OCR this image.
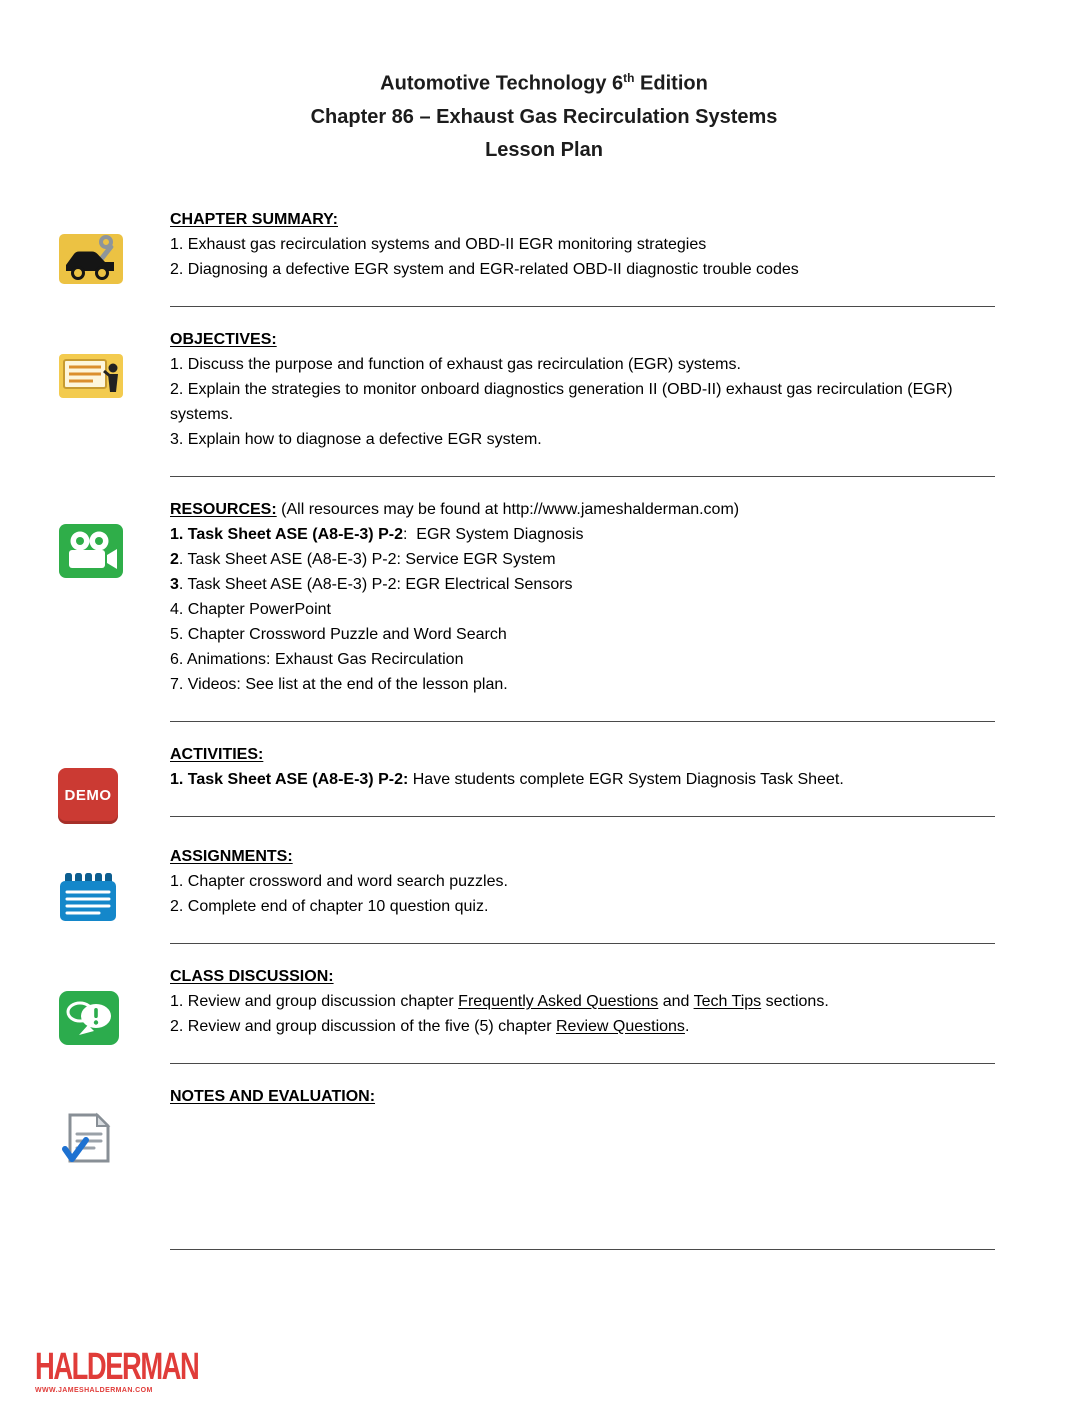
Automotive Technology 6th Edition
Chapter 86 – Exhaust Gas Recirculation Systems
Lesson Plan
CHAPTER SUMMARY:
1. Exhaust gas recirculation systems and OBD-II EGR monitoring strategies
2. Diagnosing a defective EGR system and EGR-related OBD-II diagnostic trouble codes
OBJECTIVES:
1. Discuss the purpose and function of exhaust gas recirculation (EGR) systems.
2. Explain the strategies to monitor onboard diagnostics generation II (OBD-II) exhaust gas recirculation (EGR) systems.
3. Explain how to diagnose a defective EGR system.
RESOURCES: (All resources may be found at http://www.jameshalderman.com)
1. Task Sheet ASE (A8-E-3) P-2:  EGR System Diagnosis
2. Task Sheet ASE (A8-E-3) P-2: Service EGR System
3. Task Sheet ASE (A8-E-3) P-2: EGR Electrical Sensors
4. Chapter PowerPoint
5. Chapter Crossword Puzzle and Word Search
6. Animations: Exhaust Gas Recirculation
7. Videos: See list at the end of the lesson plan.
DEMO
ACTIVITIES:
1. Task Sheet ASE (A8-E-3) P-2: Have students complete EGR System Diagnosis Task Sheet.
ASSIGNMENTS:
1. Chapter crossword and word search puzzles.
2. Complete end of chapter 10 question quiz.
CLASS DISCUSSION:
1. Review and group discussion chapter Frequently Asked Questions and Tech Tips sections.
2. Review and group discussion of the five (5) chapter Review Questions.
NOTES AND EVALUATION:
HALDERMAN
WWW.JAMESHALDERMAN.COM
